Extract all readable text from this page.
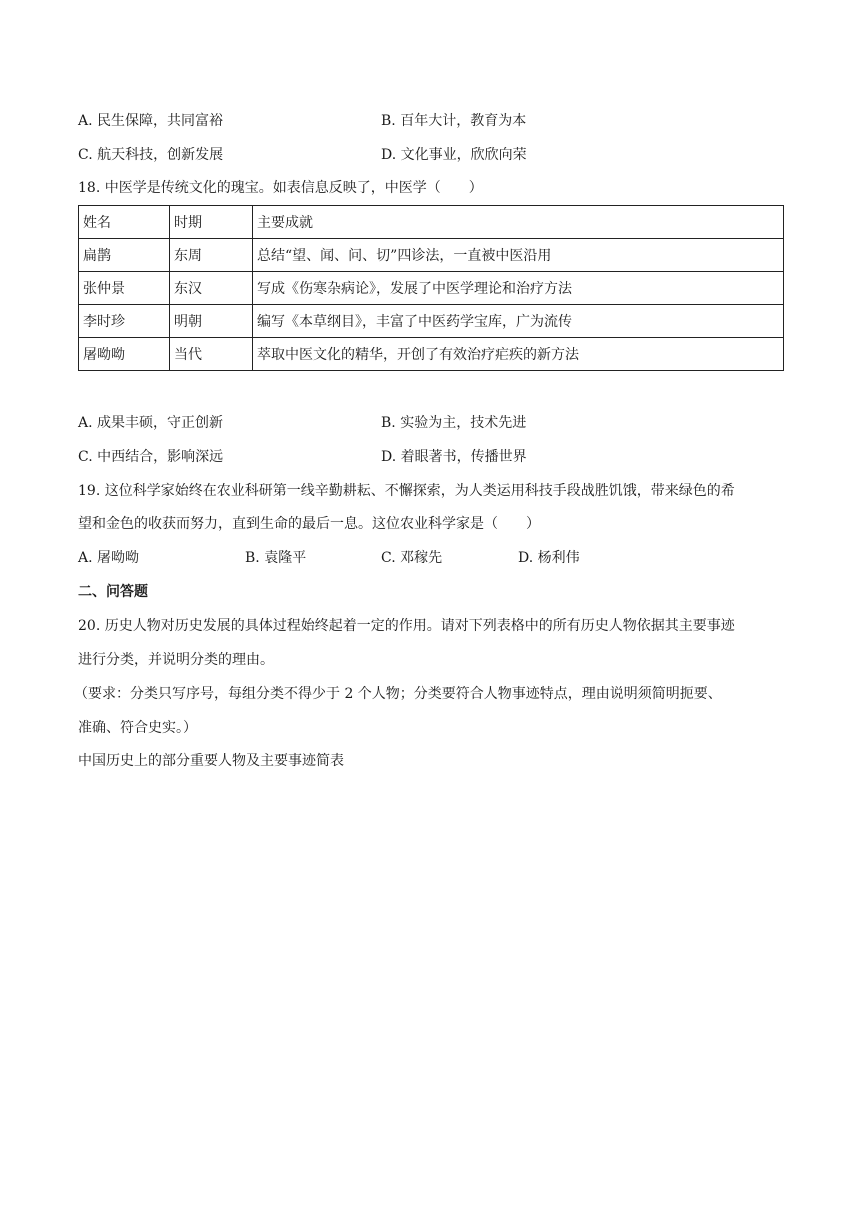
A. 民生保障，共同富裕	B. 百年大计，教育为本
C. 航天科技，创新发展	D. 文化事业，欣欣向荣
18. 中医学是传统文化的瑰宝。如表信息反映了，中医学（　　）
姓名	时期	主要成就
扁鹊	东周	总结“望、闻、问、切”四诊法，一直被中医沿用
张仲景	东汉	写成《伤寒杂病论》，发展了中医学理论和治疗方法
李时珍	明朝	编写《本草纲目》，丰富了中医药学宝库，广为流传
屠呦呦	当代	萃取中医文化的精华，开创了有效治疗疟疾的新方法
A. 成果丰硕，守正创新	B. 实验为主，技术先进
C. 中西结合，影响深远	D. 着眼著书，传播世界
19. 这位科学家始终在农业科研第一线辛勤耕耘、不懈探索，为人类运用科技手段战胜饥饿，带来绿色的希
望和金色的收获而努力，直到生命的最后一息。这位农业科学家是（　　）
A. 屠呦呦	B. 袁隆平	C. 邓稼先	D. 杨利伟
二、问答题
20. 历史人物对历史发展的具体过程始终起着一定的作用。请对下列表格中的所有历史人物依据其主要事迹
进行分类，并说明分类的理由。
（要求：分类只写序号，每组分类不得少于 2 个人物；分类要符合人物事迹特点，理由说明须简明扼要、
准确、符合史实。）
中国历史上的部分重要人物及主要事迹简表
